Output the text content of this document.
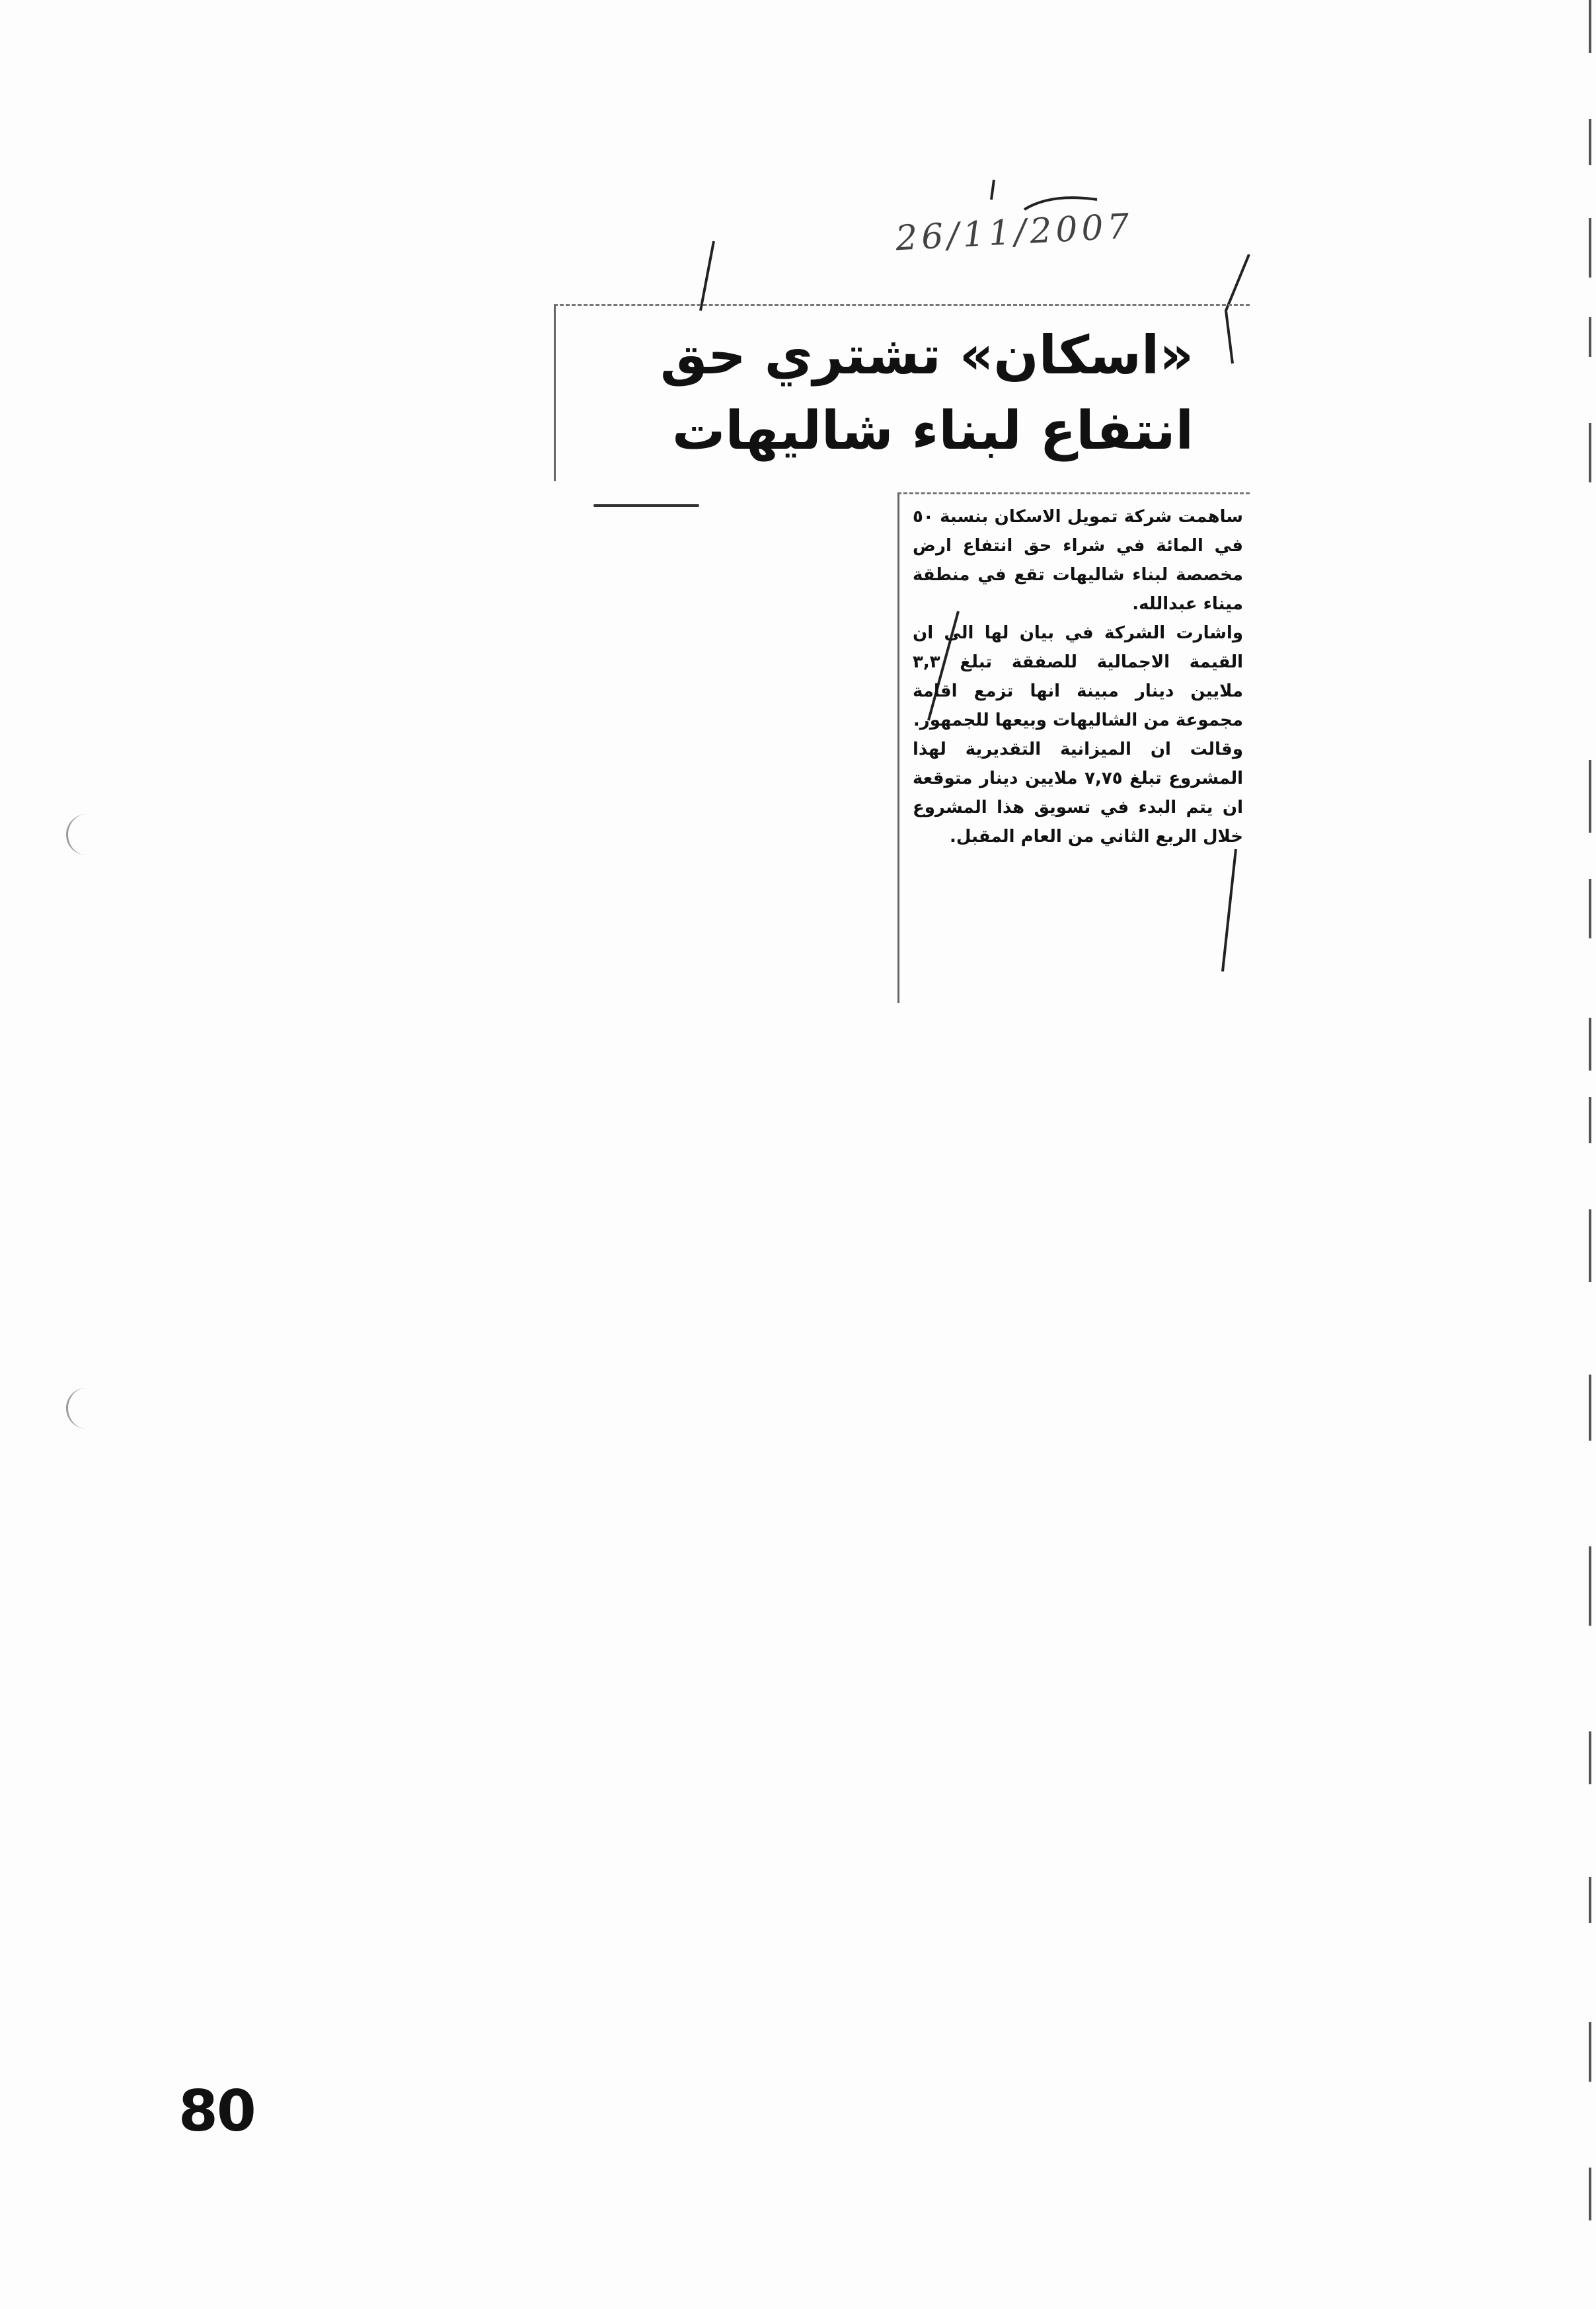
26/11/2007
«اسكان» تشتري حق
انتفاع لبناء شاليهات

ساهمت شركة تمويل الاسكان بنسبة ٥٠ في المائة في شراء حق انتفاع ارض مخصصة لبناء شاليهات تقع في منطقة ميناء عبدالله.

واشارت الشركة في بيان لها الى ان القيمة الاجمالية للصفقة تبلغ ٣,٣ ملايين دينار مبينة انها تزمع اقامة مجموعة من الشاليهات وبيعها للجمهور.

وقالت ان الميزانية التقديرية لهذا المشروع تبلغ ٧,٧٥ ملايين دينار متوقعة ان يتم البدء في تسويق هذا المشروع خلال الربع الثاني من العام المقبل.

80
